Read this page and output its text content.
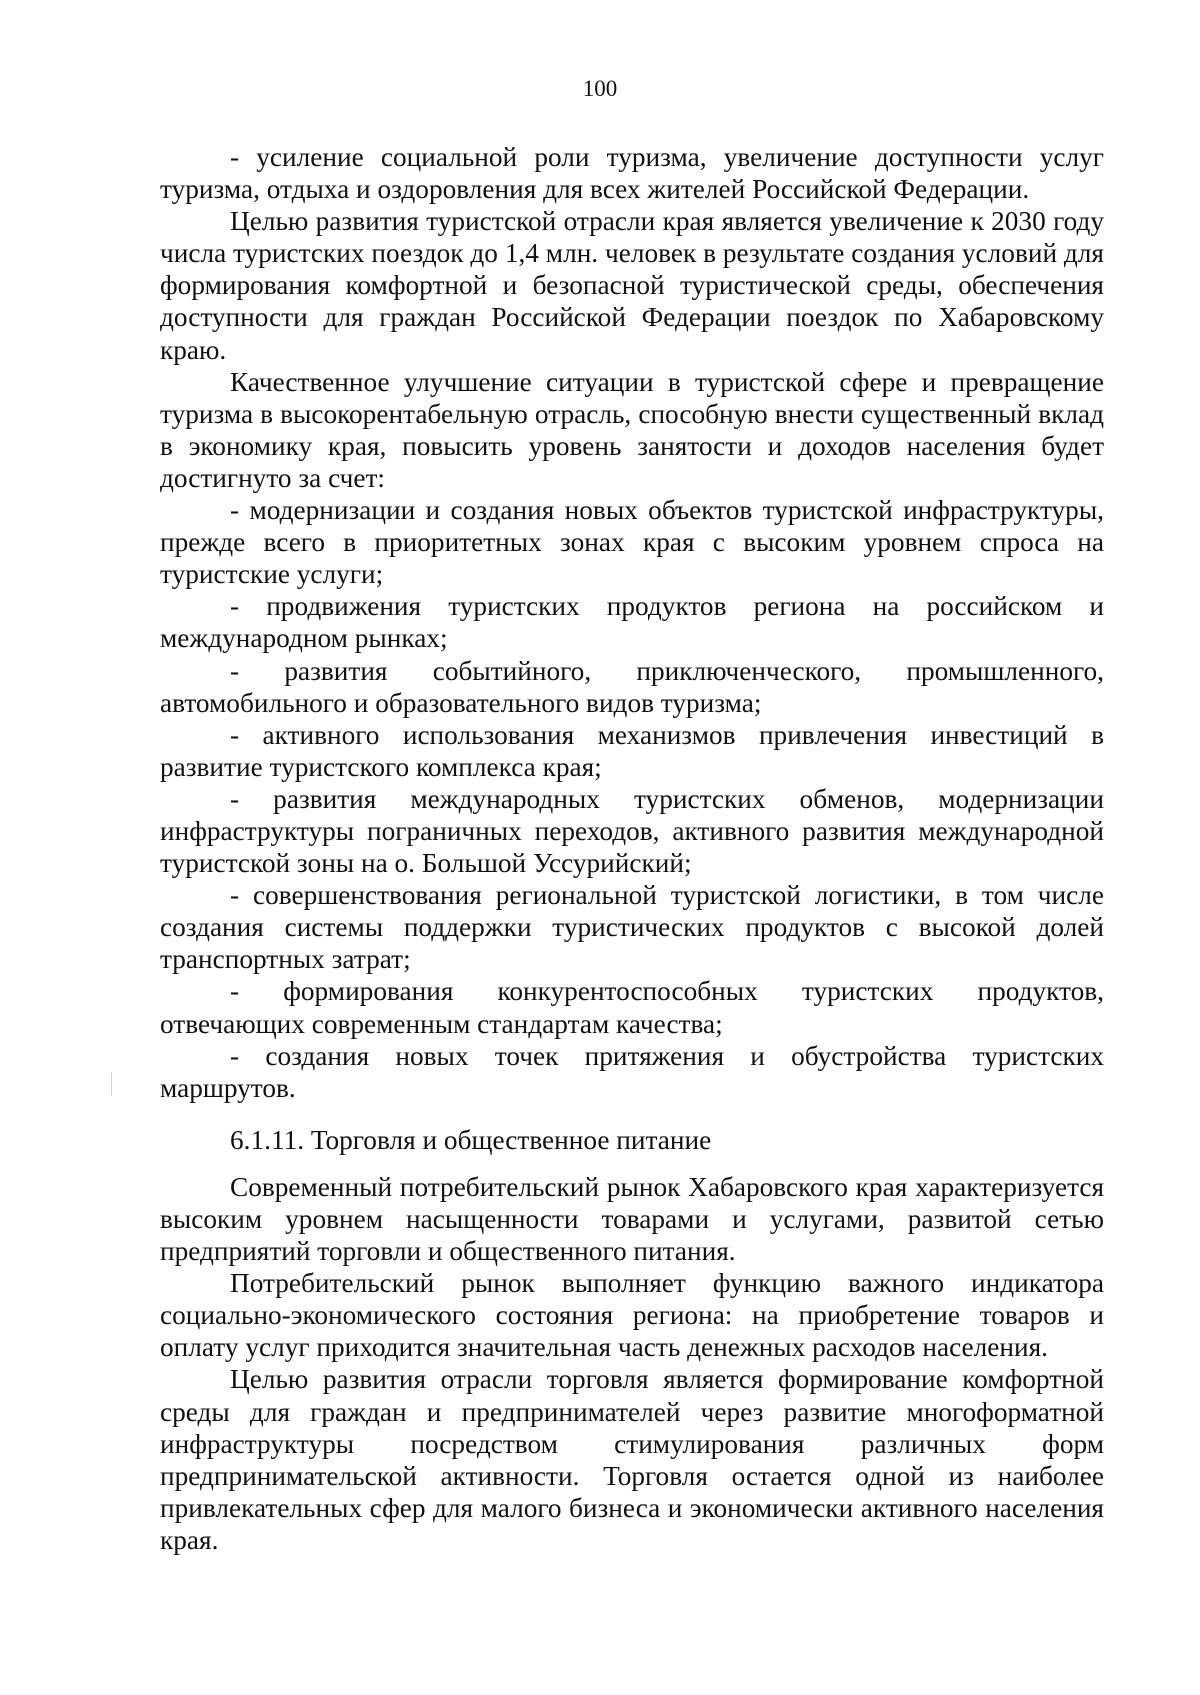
100

- усиление социальной роли туризма, увеличение доступности услуг туризма, отдыха и оздоровления для всех жителей Российской Федерации.

Целью развития туристской отрасли края является увеличение к 2030 году числа туристских поездок до 1,4 млн. человек в результате создания условий для формирования комфортной и безопасной туристической среды, обеспечения доступности для граждан Российской Федерации поездок по Хабаровскому краю.

Качественное улучшение ситуации в туристской сфере и превращение туризма в высокорентабельную отрасль, способную внести существенный вклад в экономику края, повысить уровень занятости и доходов населения будет достигнуто за счет:

- модернизации и создания новых объектов туристской инфраструктуры, прежде всего в приоритетных зонах края с высоким уровнем спроса на туристские услуги;

- продвижения туристских продуктов региона на российском и международном рынках;

- развития событийного, приключенческого, промышленного, автомобильного и образовательного видов туризма;

- активного использования механизмов привлечения инвестиций в развитие туристского комплекса края;

- развития международных туристских обменов, модернизации инфраструктуры пограничных переходов, активного развития международной туристской зоны на о. Большой Уссурийский;

- совершенствования региональной туристской логистики, в том числе создания системы поддержки туристических продуктов с высокой долей транспортных затрат;

- формирования конкурентоспособных туристских продуктов, отвечающих современным стандартам качества;

- создания новых точек притяжения и обустройства туристских маршрутов.

6.1.11. Торговля и общественное питание

Современный потребительский рынок Хабаровского края характеризуется высоким уровнем насыщенности товарами и услугами, развитой сетью предприятий торговли и общественного питания.

Потребительский рынок выполняет функцию важного индикатора социально-экономического состояния региона: на приобретение товаров и оплату услуг приходится значительная часть денежных расходов населения.

Целью развития отрасли торговля является формирование комфортной среды для граждан и предпринимателей через развитие многоформатной инфраструктуры посредством стимулирования различных форм предпринимательской активности. Торговля остается одной из наиболее привлекательных сфер для малого бизнеса и экономически активного населения края.
